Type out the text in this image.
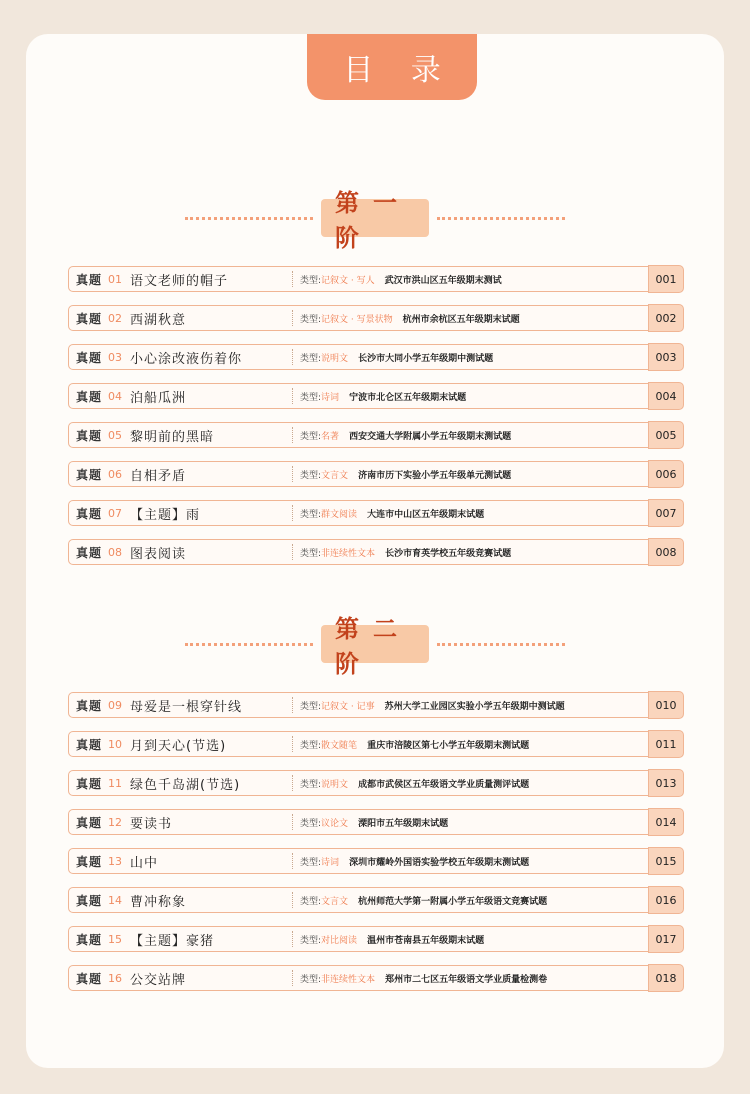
目 录
第一阶
真题 01 语文老师的帽子	类型: 记叙文 · 写人 武汉市洪山区五年级期末测试	001
真题 02 西湖秋意	类型: 记叙文 · 写景状物 杭州市余杭区五年级期末试题	002
真题 03 小心涂改液伤着你	类型: 说明文 长沙市大同小学五年级期中测试题	003
真题 04 泊船瓜洲	类型: 诗词 宁波市北仑区五年级期末试题	004
真题 05 黎明前的黑暗	类型: 名著 西安交通大学附属小学五年级期末测试题	005
真题 06 自相矛盾	类型: 文言文 济南市历下实验小学五年级单元测试题	006
真题 07 【主题】雨	类型: 群文阅读 大连市中山区五年级期末试题	007
真题 08 图表阅读	类型: 非连续性文本 长沙市育英学校五年级竞赛试题	008
第二阶
真题 09 母爱是一根穿针线	类型: 记叙文 · 记事 苏州大学工业园区实验小学五年级期中测试题	010
真题 10 月到天心(节选)	类型: 散文随笔 重庆市涪陵区第七小学五年级期末测试题	011
真题 11 绿色千岛湖(节选)	类型: 说明文 成都市武侯区五年级语文学业质量测评试题	013
真题 12 要读书	类型: 议论文 溧阳市五年级期末试题	014
真题 13 山中	类型: 诗词 深圳市耀岭外国语实验学校五年级期末测试题	015
真题 14 曹冲称象	类型: 文言文 杭州师范大学第一附属小学五年级语文竞赛试题	016
真题 15 【主题】豪猪	类型: 对比阅读 温州市苍南县五年级期末试题	017
真题 16 公交站牌	类型: 非连续性文本 郑州市二七区五年级语文学业质量检测卷	018
